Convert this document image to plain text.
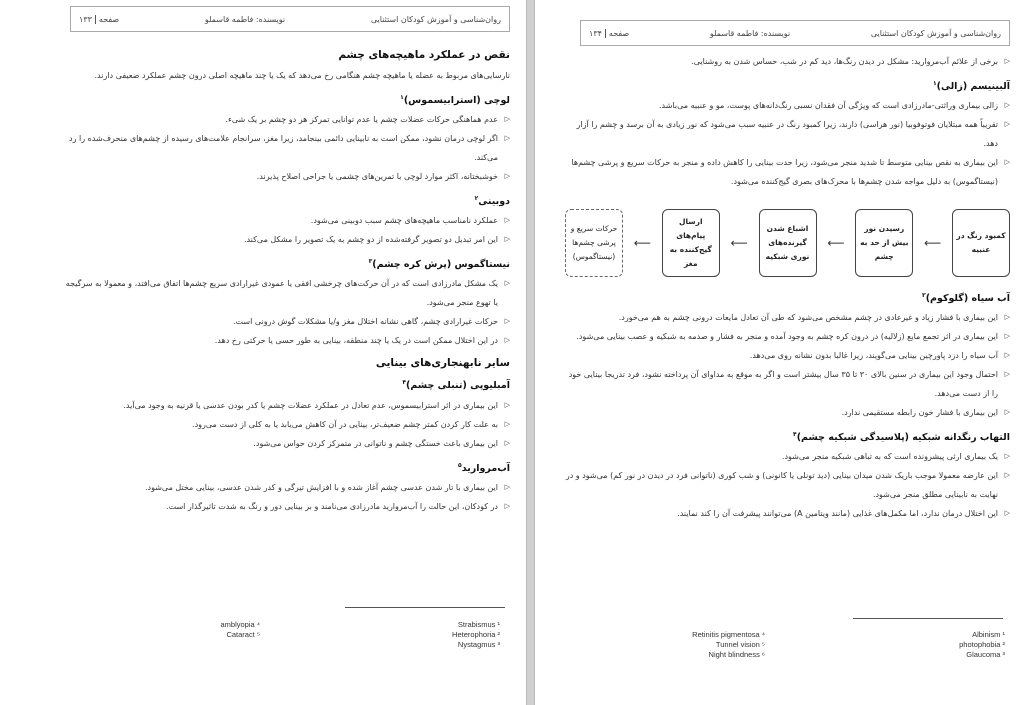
روان‌شناسی و آموزش کودکان استثنایی
نویسنده: فاطمه قاسملو
صفحه
۱۳۳
نقص در عملکرد ماهیچه‌های چشم

نارسایی‌های مربوط به عضله یا ماهیچه چشم هنگامی رخ می‌دهد که یک یا چند ماهیچه اصلی درون چشم عملکرد ضعیفی دارند.

لوچی (استرابیسموس)$^۱$
▷ عدم هماهنگی حرکات عضلات چشم یا عدم توانایی تمرکز هر دو چشم بر یک شیء.
▷ اگر لوچی درمان نشود، ممکن است به نابینایی دائمی بینجامد، زیرا مغز، سرانجام علامت‌های رسیده از چشم‌های منحرف‌شده را رد می‌کند.
▷ خوشبختانه، اکثر موارد لوچی با تمرین‌های چشمی یا جراحی اصلاح پذیرند.
دوبینی$^۲$
▷ عملکرد نامناسب ماهیچه‌های چشم سبب دوبینی می‌شود.
▷ این امر تبدیل دو تصویر گرفته‌شده از دو چشم به یک تصویر را مشکل می‌کند.
نیستاگموس (پرش کره چشم)$^۳$
▷ یک مشکل مادرزادی است که در آن حرکت‌های چرخشی افقی یا عمودی غیرارادی سریع چشم‌ها اتفاق می‌افتد، و معمولا به سرگیجه یا تهوع منجر می‌شود.
▷ حرکات غیرارادی چشم، گاهی نشانه اختلال مغز و/یا مشکلات گوش درونی است.
▷ در این اختلال ممکن است در یک یا چند منطقه، بینایی به طور حسی یا حرکتی رخ دهد.
سایر نابهنجاری‌های بینایی
آمبلیوپی (تنبلی چشم)$^۴$
▷ این بیماری در اثر استرابیسموس، عدم تعادل در عملکرد عضلات چشم یا کدر بودن عدسی یا قرنیه به وجود می‌آید.
▷ به علت کار کردن کمتر چشم ضعیف‌تر، بینایی در آن کاهش می‌یابد یا به کلی از دست می‌رود.
▷ این بیماری باعث خستگی چشم و ناتوانی در متمرکز کردن حواس می‌شود.
آب‌مروارید$^۵$
▷ این بیماری با تار شدن عدسی چشم آغاز شده و با افزایش تیرگی و کدر شدن عدسی، بینایی مختل می‌شود.
▷ در کودکان، این حالت را آب‌مروارید مادرزادی می‌نامند و بر بینایی دور و رنگ به شدت تاثیرگذار است.
Strabismus ¹
Heterophoria ²
Nystagmus ³
amblyopia ⁴
Cataract ⁵
روان‌شناسی و آموزش کودکان استثنایی
نویسنده: فاطمه قاسملو
صفحه
۱۳۴
▷ برخی از علائم آب‌مروارید: مشکل در دیدن رنگ‌ها، دید کم در شب، حساس شدن به روشنایی.
آلبینیسم (زالی)$^۱$
▷ زالی بیماری وراثتی-مادرزادی است که ویژگی آن فقدان نسبی رنگ‌دانه‌های پوست، مو و عنبیه می‌باشد.
▷ تقریباً همه مبتلایان فوتوفوبیا (نور هراسی) دارند، زیرا کمبود رنگ در عنبیه سبب می‌شود که نور زیادی به آن برسد و چشم را آزار دهد.
▷ این بیماری به نقص بینایی متوسط تا شدید منجر می‌شود، زیرا حدت بینایی را کاهش داده و منجر به حرکات سریع و پرشی چشم‌ها (نیستاگموس) به دلیل مواجه شدن چشم‌ها با محرک‌های بصری گیج‌کننده می‌شود.
کمبود رنگ در عنبیه
⟵
رسیدن نور بیش از حد به چشم
⟵
اشباع شدن گیرنده‌های نوری شبکیه
⟵
ارسال پیام‌های گیج‌کننده به مغز
⟵
حرکات سریع و پرشی چشم‌ها (نیستاگموس)
آب سیاه (گلوکوم)$^۳$
▷ این بیماری با فشار زیاد و غیرعادی در چشم مشخص می‌شود که طی آن تعادل مایعات درونی چشم به هم می‌خورد.
▷ این بیماری در اثر تجمع مایع (زلالیه) در درون کره چشم به وجود آمده و منجر به فشار و صدمه به شبکیه و عصب بینایی می‌شود.
▷ آب سیاه را دزد پاورچین بینایی می‌گویند، زیرا غالبا بدون نشانه روی می‌دهد.
▷ احتمال وجود این بیماری در سنین بالای ۳۰ تا ۳۵ سال بیشتر است و اگر به موقع به مداوای آن پرداخته نشود، فرد تدریجا بینایی خود را از دست می‌دهد.
▷ این بیماری با فشار خون رابطه مستقیمی ندارد.
التهاب رنگدانه شبکیه (پلاسیدگی شبکیه چشم)$^۴$
▷ یک بیماری ارثی پیشرونده است که به تباهی شبکیه منجر می‌شود.
▷ این عارضه معمولا موجب باریک شدن میدان بینایی (دید تونلی یا کانونی) و شب کوری (ناتوانی فرد در دیدن در نور کم) می‌شود و در نهایت به نابینایی مطلق منجر می‌شود.
▷ این اختلال درمان ندارد، اما مکمل‌های غذایی (مانند ویتامین A) می‌توانند پیشرفت آن را کند نمایند.
Albinism ¹
photophobia ²
Glaucoma ³
Retinitis pigmentosa ⁴
Tunnel vision ⁵
Night blindness ⁶
